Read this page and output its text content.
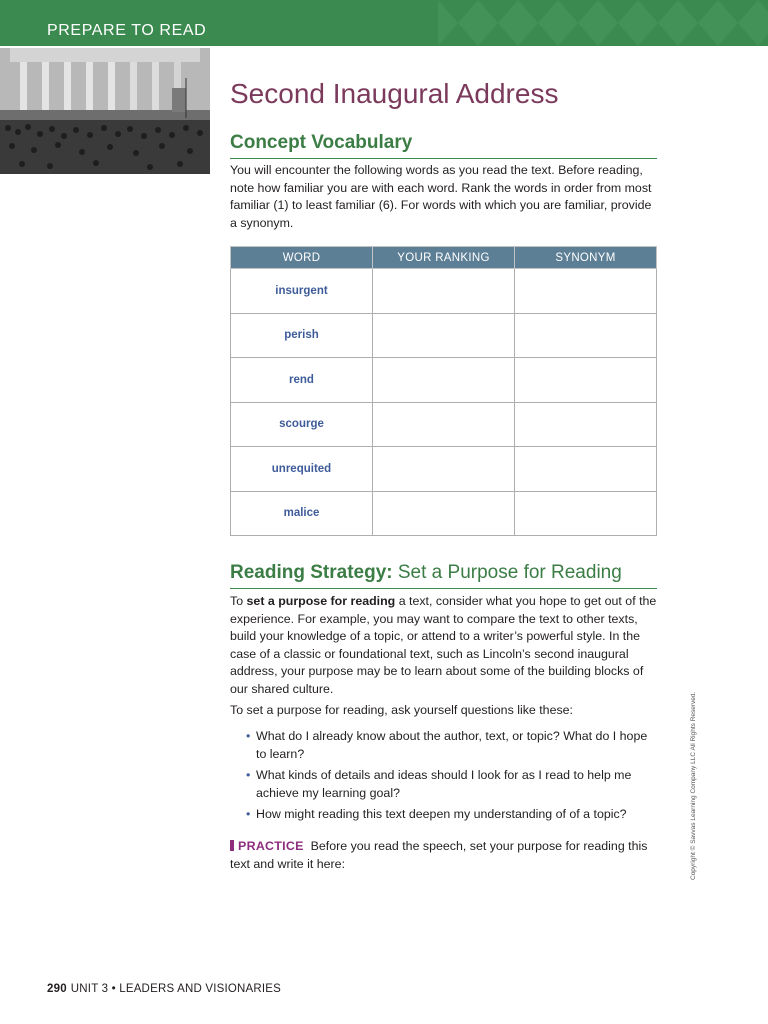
PREPARE TO READ
Second Inaugural Address
Concept Vocabulary

You will encounter the following words as you read the text. Before reading, note how familiar you are with each word. Rank the words in order from most familiar (1) to least familiar (6). For words with which you are familiar, provide a synonym.

WORD	YOUR RANKING	SYNONYM
insurgent		
perish		
rend		
scourge		
unrequited		
malice		
Reading Strategy: Set a Purpose for Reading

To set a purpose for reading a text, consider what you hope to get out of the experience. For example, you may want to compare the text to other texts, build your knowledge of a topic, or attend to a writer’s powerful style. In the case of a classic or foundational text, such as Lincoln’s second inaugural address, your purpose may be to learn about some of the building blocks of our shared culture.

To set a purpose for reading, ask yourself questions like these:

• What do I already know about the author, text, or topic? What do I hope to learn?
• What kinds of details and ideas should I look for as I read to help me achieve my learning goal?
• How might reading this text deepen my understanding of of a topic?

PRACTICE Before you read the speech, set your purpose for reading this text and write it here:	Copyright © Savvas Learning Company LLC All Rights Reserved.
290 UNIT 3 • LEADERS AND VISIONARIES
